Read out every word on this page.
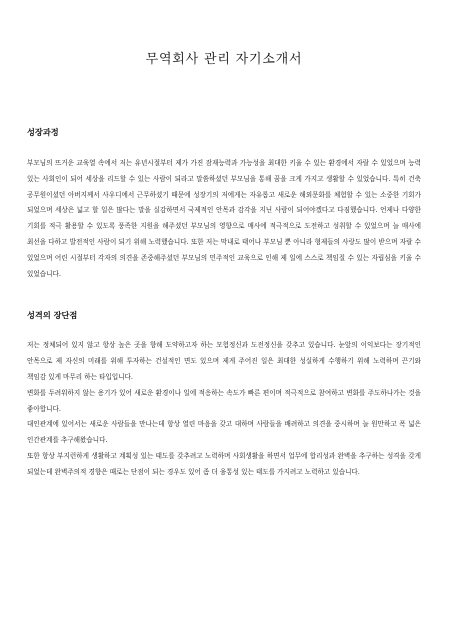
무역회사 관리 자기소개서
성장과정

부모님의 뜨거운 교육열 속에서 저는 유년시절부터 제가 가진 잠재능력과 가능성을 최대한 키울 수 있는 환경에서 자랄 수 있었으며 능력 있는 사회인이 되어 세상을 리드할 수 있는 사람이 되라고 말씀하셨던 부모님을 통해 꿈을 크게 가지고 생활할 수 있었습니다. 특히 건축 공무원이셨던 아버지께서 사우디에서 근무하셨기 때문에 성장기의 저에게는 자유롭고 새로운 해외문화를 체험할 수 있는 소중한 기회가 되었으며 세상은 넓고 할 일은 많다는 말을 실감하면서 국제적인 안목과 감각을 지닌 사람이 되어야겠다고 다짐했습니다. 언제나 다양한 기회를 적극 활용할 수 있도록 풍족한 지원을 해주셨던 부모님의 영향으로 매사에 적극적으로 도전하고 성취할 수 있었으며 늘 매사에 최선을 다하고 발전적인 사람이 되기 위해 노력했습니다. 또한 저는 막내로 태어나 부모님 뿐 아니라 형제들의 사랑도 많이 받으며 자랄 수 있었으며 어린 시절부터 각자의 의견을 존중해주셨던 부모님의 민주적인 교육으로 인해 제 일에 스스로 책임질 수 있는 자립심을 키울 수 있었습니다.

성격의 장단점

저는 정체되어 있지 않고 항상 높은 곳을 향해 도약하고자 하는 모험정신과 도전정신을 갖추고 있습니다. 눈앞의 이익보다는 장기적인 안목으로 제 자신의 미래를 위해 투자하는 건설적인 면도 있으며 제게 주어진 일은 최대한 성실하게 수행하기 위해 노력하며 끈기와 책임감 있게 마무리 하는 타입입니다.

변화를 두려워하지 않는 용기가 있어 새로운 환경이나 일에 적응하는 속도가 빠른 편이며 적극적으로 참여하고 변화를 주도하나가는 것을 좋아합니다.

대인관계에 있어서는 새로운 사람들을 만나는데 항상 열린 마음을 갖고 대하며 사람들을 배려하고 의견을 중시하며 늘 원만하고 폭 넓은 인간관계를 추구해왔습니다.

또한 항상 부지런하게 생활하고 계획성 있는 태도를 갖추려고 노력하며 사회생활을 하면서 업무에 합리성과 완벽을 추구하는 성격을 갖게 되었는데 완벽주의적 경향은 때로는 단점이 되는 경우도 있어 좀 더 융통성 있는 태도를 가지려고 노력하고 있습니다.
